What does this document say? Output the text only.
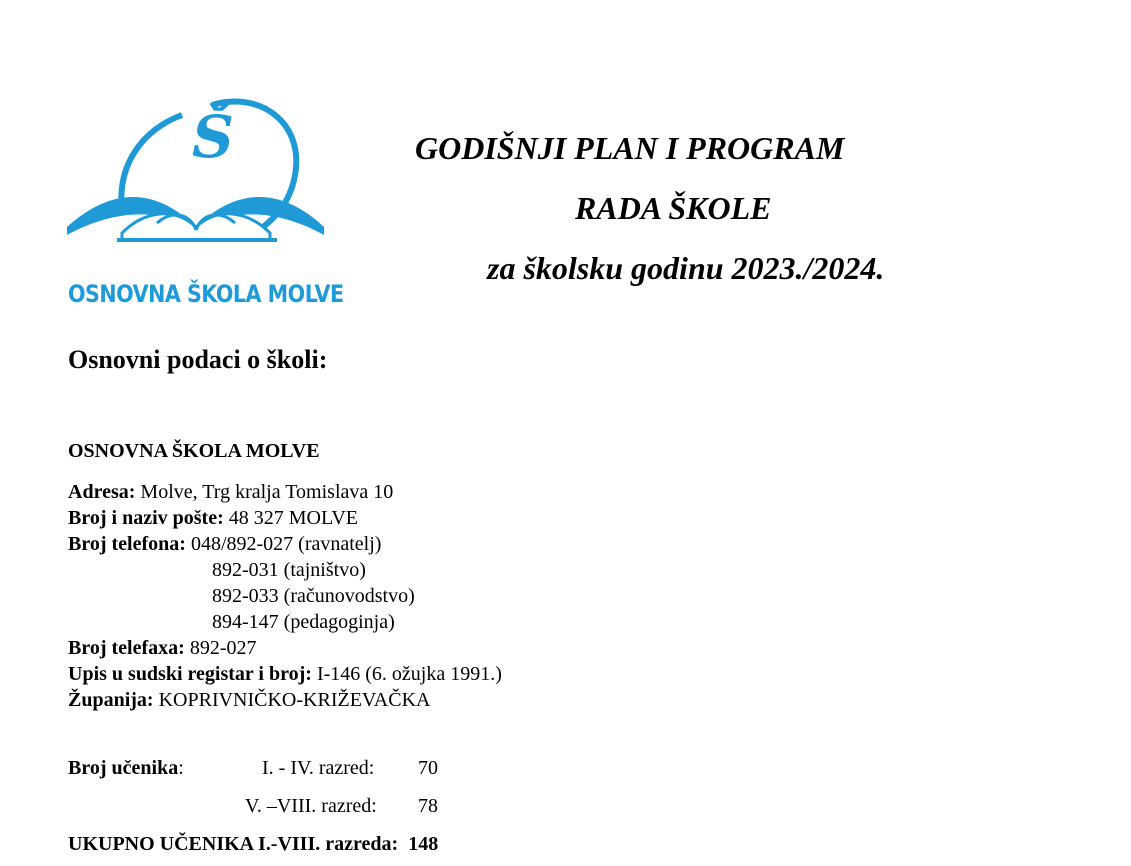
Š
OSNOVNA ŠKOLA MOLVE
GODIŠNJI PLAN I PROGRAM
RADA ŠKOLE
za školsku godinu 2023./2024.
Osnovni podaci o školi:
OSNOVNA ŠKOLA MOLVE
Adresa: Molve, Trg kralja Tomislava 10
Broj i naziv pošte: 48 327 MOLVE
Broj telefona: 048/892-027 (ravnatelj)
892-031 (tajništvo)
892-033 (računovodstvo)
894-147 (pedagoginja)
Broj telefaxa: 892-027
Upis u sudski registar i broj: I-146 (6. ožujka 1991.)
Županija: KOPRIVNIČKO-KRIŽEVAČKA
Broj učenika:	I. - IV. razred: 70
V. –VIII. razred: 78
UKUPNO UČENIKA I.-VIII. razreda: 148
